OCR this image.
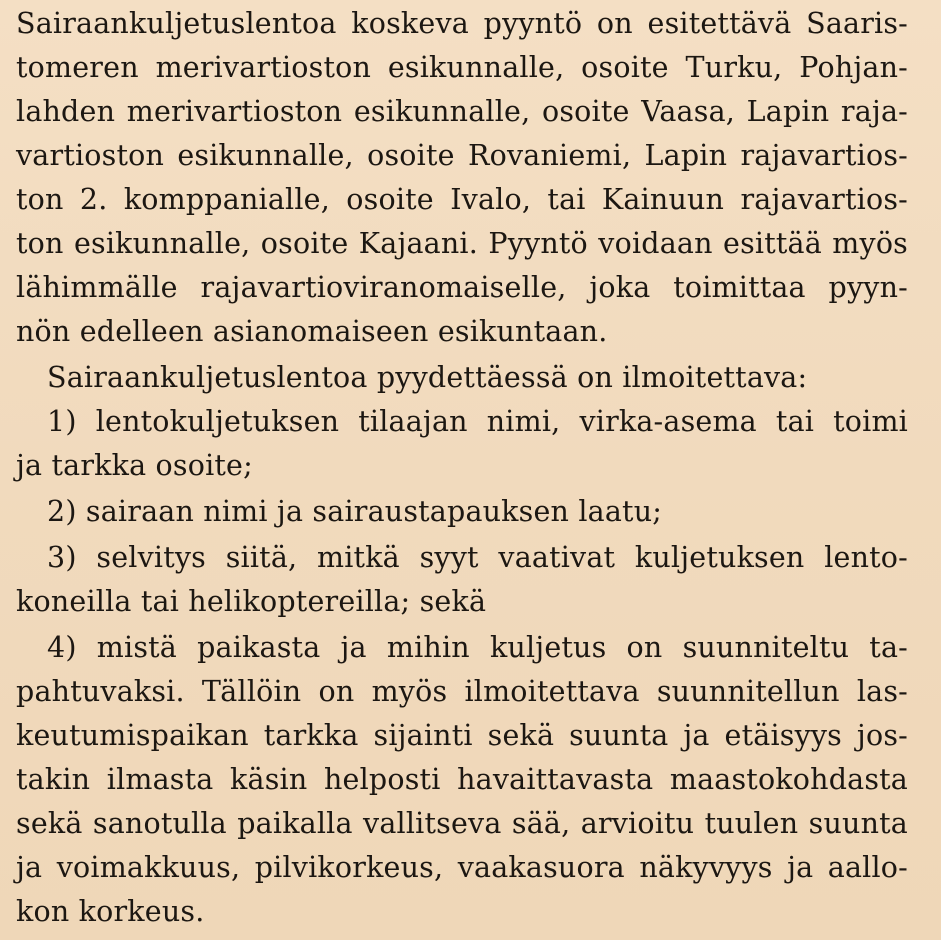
Sairaankuljetuslentoa koskeva pyyntö on esitettävä Saaris-
tomeren merivartioston esikunnalle, osoite Turku, Pohjan-
lahden merivartioston esikunnalle, osoite Vaasa, Lapin raja-
vartioston esikunnalle, osoite Rovaniemi, Lapin rajavartios-
ton 2. komppanialle, osoite Ivalo, tai Kainuun rajavartios-
ton esikunnalle, osoite Kajaani. Pyyntö voidaan esittää myös
lähimmälle rajavartioviranomaiselle, joka toimittaa pyyn-
nön edelleen asianomaiseen esikuntaan.
Sairaankuljetuslentoa pyydettäessä on ilmoitettava:
1) lentokuljetuksen tilaajan nimi, virka-asema tai toimi
ja tarkka osoite;
2) sairaan nimi ja sairaustapauksen laatu;
3) selvitys siitä, mitkä syyt vaativat kuljetuksen lento-
koneilla tai helikoptereilla; sekä
4) mistä paikasta ja mihin kuljetus on suunniteltu ta-
pahtuvaksi. Tällöin on myös ilmoitettava suunnitellun las-
keutumispaikan tarkka sijainti sekä suunta ja etäisyys jos-
takin ilmasta käsin helposti havaittavasta maastokohdasta
sekä sanotulla paikalla vallitseva sää, arvioitu tuulen suunta
ja voimakkuus, pilvikorkeus, vaakasuora näkyvyys ja aallo-
kon korkeus.
